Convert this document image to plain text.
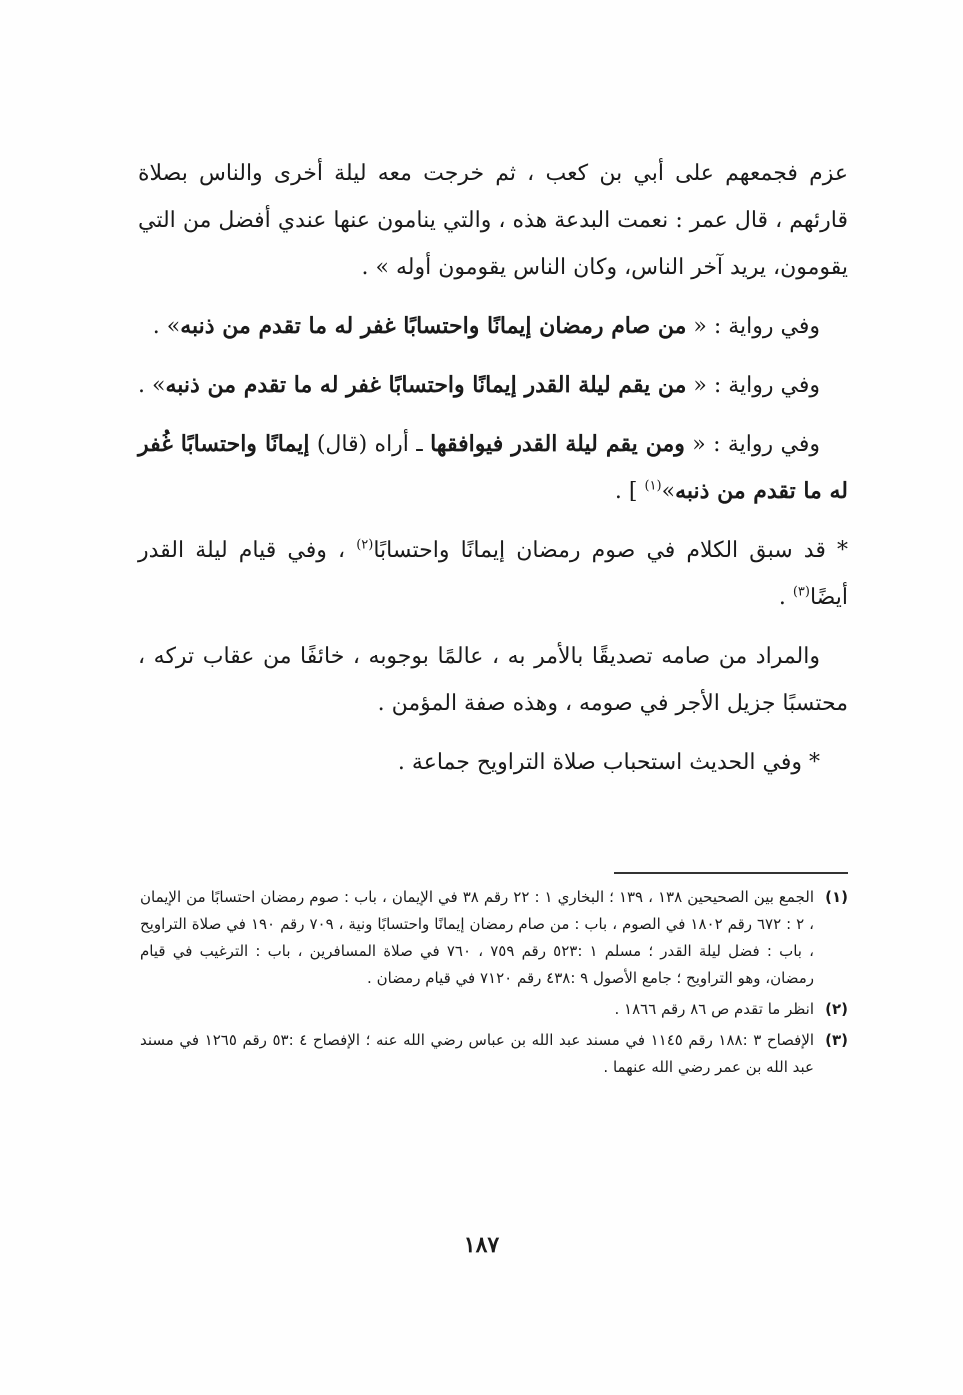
عزم فجمعهم على أبي بن كعب ، ثم خرجت معه ليلة أخرى والناس بصلاة قارئهم ، قال عمر : نعمت البدعة هذه ، والتي ينامون عنها عندي أفضل من التي يقومون، يريد آخر الناس، وكان الناس يقومون أوله » .

وفي رواية : « من صام رمضان إيمانًا واحتسابًا غفر له ما تقدم من ذنبه» .

وفي رواية : « من يقم ليلة القدر إيمانًا واحتسابًا غفر له ما تقدم من ذنبه» .

وفي رواية : « ومن يقم ليلة القدر فيوافقها ـ أراه (قال) إيمانًا واحتسابًا غُفر له ما تقدم من ذنبه»$^{(١)}$ ] .

* قد سبق الكلام في صوم رمضان إيمانًا واحتسابًا$^{(٢)}$ ، وفي قيام ليلة القدر أيضًا$^{(٣)}$ .

والمراد من صامه تصديقًا بالأمر به ، عالمًا بوجوبه ، خائفًا من عقاب تركه ، محتسبًا جزيل الأجر في صومه ، وهذه صفة المؤمن .

* وفي الحديث استحباب صلاة التراويح جماعة .

(١)
الجمع بين الصحيحين ١٣٨ ، ١٣٩ ؛ البخاري ١ : ٢٢ رقم ٣٨ في الإيمان ، باب : صوم رمضان احتسابًا من الإيمان ، ٢ : ٦٧٢ رقم ١٨٠٢ في الصوم ، باب : من صام رمضان إيمانًا واحتسابًا ونية ، ٧٠٩ رقم ١٩٠ في صلاة التراويح ، باب : فضل ليلة القدر ؛ مسلم ١ :٥٢٣ رقم ٧٥٩ ، ٧٦٠ في صلاة المسافرين ، باب : الترغيب في قيام رمضان، وهو التراويح ؛ جامع الأصول ٩ :٤٣٨ رقم ٧١٢٠ في قيام رمضان .
(٢)
انظر ما تقدم ص ٨٦ رقم ١٨٦٦ .
(٣)
الإفصاح ٣ :١٨٨ رقم ١١٤٥ في مسند عبد الله بن عباس رضي الله عنه ؛ الإفصاح ٤ :٥٣ رقم ١٢٦٥ في مسند عبد الله بن عمر رضي الله عنهما .
١٨٧
